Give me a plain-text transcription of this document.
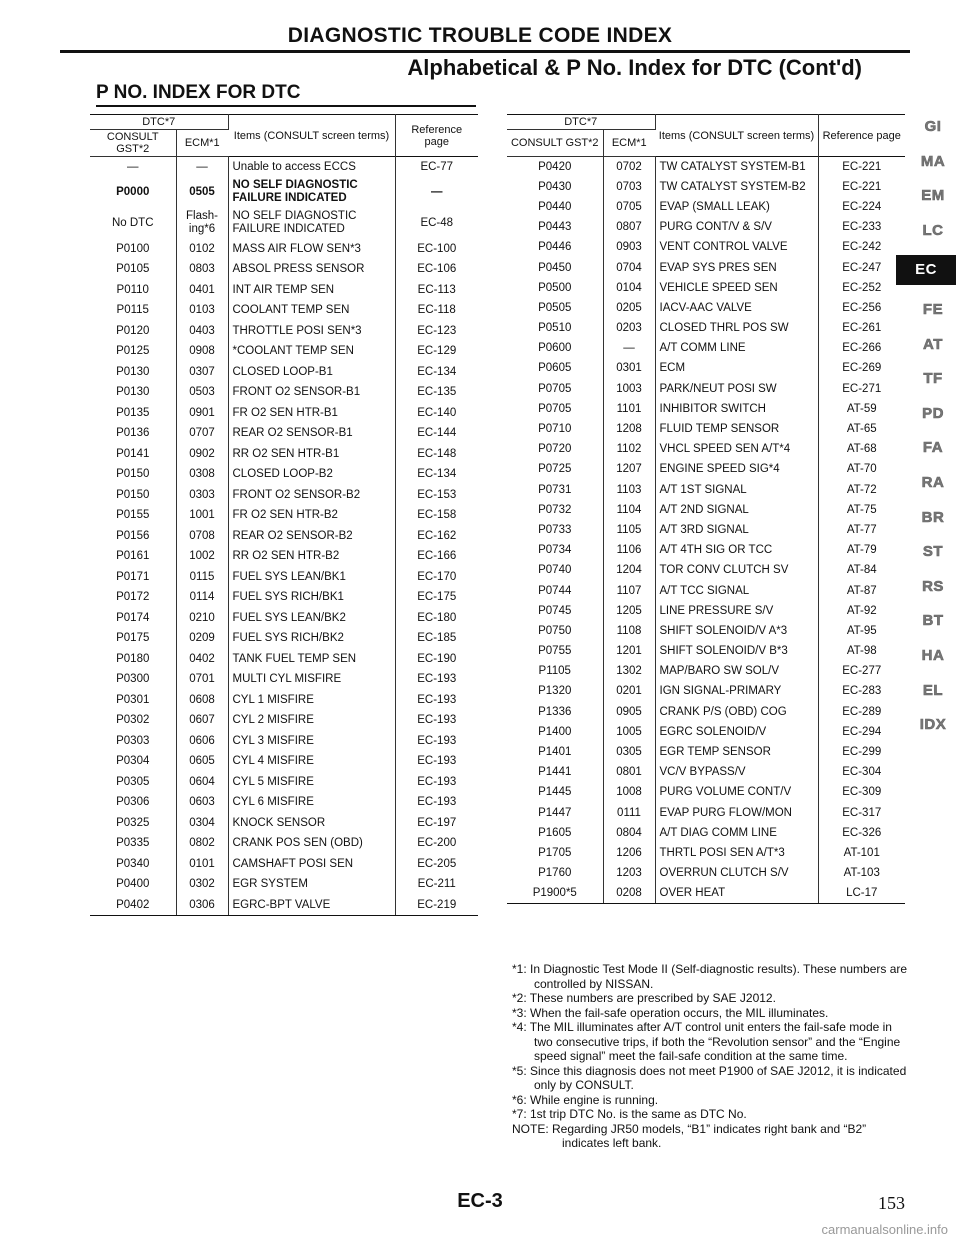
DIAGNOSTIC TROUBLE CODE INDEX
Alphabetical & P No. Index for DTC (Cont'd)
P NO. INDEX FOR DTC
DTC*7		Items (CONSULT screen terms)	Reference page
CONSULT GST*2	ECM*1		
—	—	Unable to access ECCS	EC-77
P0000	0505	NO SELF DIAGNOSTIC FAILURE INDICATED	—
No DTC	Flash-ing*6	NO SELF DIAGNOSTIC FAILURE INDICATED	EC-48
P0100	0102	MASS AIR FLOW SEN*3	EC-100
P0105	0803	ABSOL PRESS SENSOR	EC-106
P0110	0401	INT AIR TEMP SEN	EC-113
P0115	0103	COOLANT TEMP SEN	EC-118
P0120	0403	THROTTLE POSI SEN*3	EC-123
P0125	0908	*COOLANT TEMP SEN	EC-129
P0130	0307	CLOSED LOOP-B1	EC-134
P0130	0503	FRONT O2 SENSOR-B1	EC-135
P0135	0901	FR O2 SEN HTR-B1	EC-140
P0136	0707	REAR O2 SENSOR-B1	EC-144
P0141	0902	RR O2 SEN HTR-B1	EC-148
P0150	0308	CLOSED LOOP-B2	EC-134
P0150	0303	FRONT O2 SENSOR-B2	EC-153
P0155	1001	FR O2 SEN HTR-B2	EC-158
P0156	0708	REAR O2 SENSOR-B2	EC-162
P0161	1002	RR O2 SEN HTR-B2	EC-166
P0171	0115	FUEL SYS LEAN/BK1	EC-170
P0172	0114	FUEL SYS RICH/BK1	EC-175
P0174	0210	FUEL SYS LEAN/BK2	EC-180
P0175	0209	FUEL SYS RICH/BK2	EC-185
P0180	0402	TANK FUEL TEMP SEN	EC-190
P0300	0701	MULTI CYL MISFIRE	EC-193
P0301	0608	CYL 1 MISFIRE	EC-193
P0302	0607	CYL 2 MISFIRE	EC-193
P0303	0606	CYL 3 MISFIRE	EC-193
P0304	0605	CYL 4 MISFIRE	EC-193
P0305	0604	CYL 5 MISFIRE	EC-193
P0306	0603	CYL 6 MISFIRE	EC-193
P0325	0304	KNOCK SENSOR	EC-197
P0335	0802	CRANK POS SEN (OBD)	EC-200
P0340	0101	CAMSHAFT POSI SEN	EC-205
P0400	0302	EGR SYSTEM	EC-211
P0402	0306	EGRC-BPT VALVE	EC-219
DTC*7		Items (CONSULT screen terms)	Reference page
CONSULT GST*2	ECM*1		
P0420	0702	TW CATALYST SYSTEM-B1	EC-221
P0430	0703	TW CATALYST SYSTEM-B2	EC-221
P0440	0705	EVAP (SMALL LEAK)	EC-224
P0443	0807	PURG CONT/V & S/V	EC-233
P0446	0903	VENT CONTROL VALVE	EC-242
P0450	0704	EVAP SYS PRES SEN	EC-247
P0500	0104	VEHICLE SPEED SEN	EC-252
P0505	0205	IACV-AAC VALVE	EC-256
P0510	0203	CLOSED THRL POS SW	EC-261
P0600	—	A/T COMM LINE	EC-266
P0605	0301	ECM	EC-269
P0705	1003	PARK/NEUT POSI SW	EC-271
P0705	1101	INHIBITOR SWITCH	AT-59
P0710	1208	FLUID TEMP SENSOR	AT-65
P0720	1102	VHCL SPEED SEN A/T*4	AT-68
P0725	1207	ENGINE SPEED SIG*4	AT-70
P0731	1103	A/T 1ST SIGNAL	AT-72
P0732	1104	A/T 2ND SIGNAL	AT-75
P0733	1105	A/T 3RD SIGNAL	AT-77
P0734	1106	A/T 4TH SIG OR TCC	AT-79
P0740	1204	TOR CONV CLUTCH SV	AT-84
P0744	1107	A/T TCC SIGNAL	AT-87
P0745	1205	LINE PRESSURE S/V	AT-92
P0750	1108	SHIFT SOLENOID/V A*3	AT-95
P0755	1201	SHIFT SOLENOID/V B*3	AT-98
P1105	1302	MAP/BARO SW SOL/V	EC-277
P1320	0201	IGN SIGNAL-PRIMARY	EC-283
P1336	0905	CRANK P/S (OBD) COG	EC-289
P1400	1005	EGRC SOLENOID/V	EC-294
P1401	0305	EGR TEMP SENSOR	EC-299
P1441	0801	VC/V BYPASS/V	EC-304
P1445	1008	PURG VOLUME CONT/V	EC-309
P1447	0111	EVAP PURG FLOW/MON	EC-317
P1605	0804	A/T DIAG COMM LINE	EC-326
P1705	1206	THRTL POSI SEN A/T*3	AT-101
P1760	1203	OVERRUN CLUTCH S/V	AT-103
P1900*5	0208	OVER HEAT	LC-17
*1: In Diagnostic Test Mode II (Self-diagnostic results). These numbers are controlled by NISSAN.
*2: These numbers are prescribed by SAE J2012.
*3: When the fail-safe operation occurs, the MIL illuminates.
*4: The MIL illuminates after A/T control unit enters the fail-safe mode in two consecutive trips, if both the “Revolution sensor” and the “Engine speed signal” meet the fail-safe condition at the same time.
*5: Since this diagnosis does not meet P1900 of SAE J2012, it is indicated only by CONSULT.
*6: While engine is running.
*7: 1st trip DTC No. is the same as DTC No.
NOTE: Regarding JR50 models, “B1” indicates right bank and “B2” indicates left bank.
GI
MA
EM
LC
EC
FE
AT
TF
PD
FA
RA
BR
ST
RS
BT
HA
EL
IDX
EC-3	153
carmanualsonline.info
